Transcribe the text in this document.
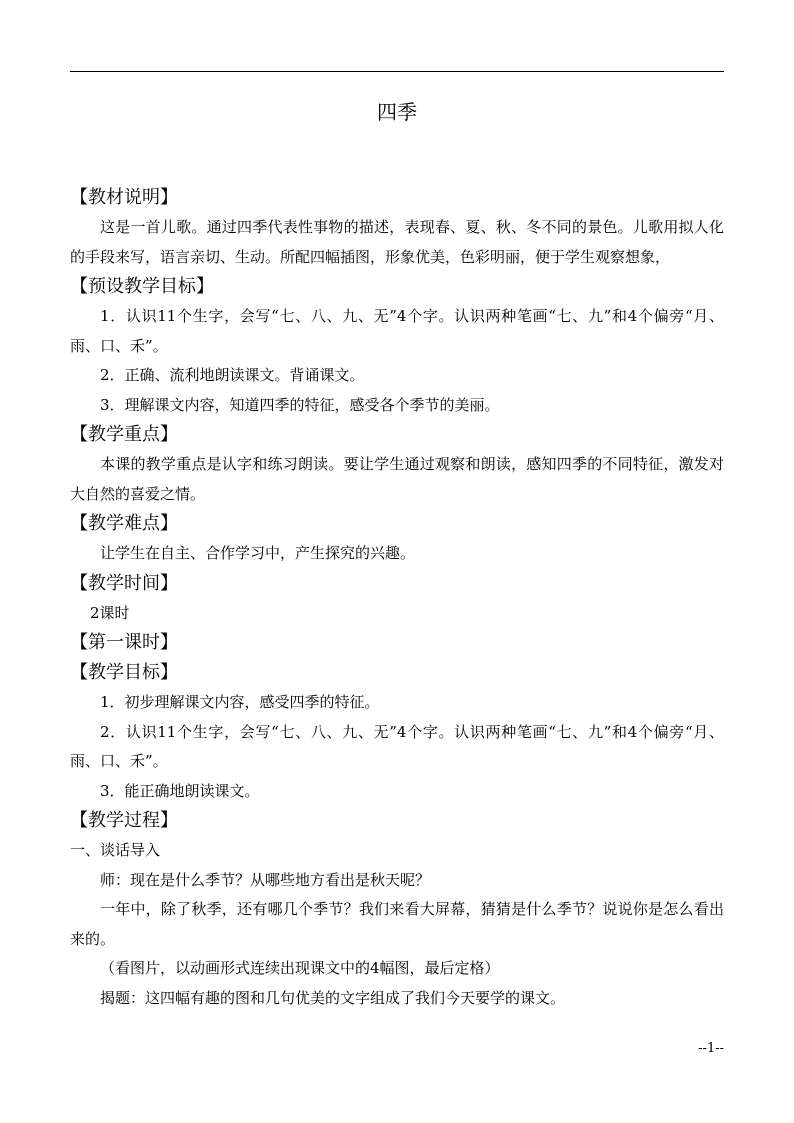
四季
【教材说明】
这是一首儿歌。通过四季代表性事物的描述，表现春、夏、秋、冬不同的景色。儿歌用拟人化的手段来写，语言亲切、生动。所配四幅插图，形象优美，色彩明丽，便于学生观察想象，
【预设教学目标】
1．认识11个生字，会写“七、八、九、无”4个字。认识两种笔画“七、九”和4个偏旁“月、雨、口、禾”。
2．正确、流利地朗读课文。背诵课文。
3．理解课文内容，知道四季的特征，感受各个季节的美丽。
【教学重点】
本课的教学重点是认字和练习朗读。要让学生通过观察和朗读，感知四季的不同特征，激发对大自然的喜爱之情。
【教学难点】
让学生在自主、合作学习中，产生探究的兴趣。
【教学时间】
2课时
【第一课时】
【教学目标】
1．初步理解课文内容，感受四季的特征。
2．认识11个生字，会写“七、八、九、无”4个字。认识两种笔画“七、九”和4个偏旁“月、雨、口、禾”。
3．能正确地朗读课文。
【教学过程】
一、谈话导入
师：现在是什么季节？从哪些地方看出是秋天呢？
一年中，除了秋季，还有哪几个季节？我们来看大屏幕，猜猜是什么季节？说说你是怎么看出来的。
（看图片，以动画形式连续出现课文中的4幅图，最后定格）
揭题：这四幅有趣的图和几句优美的文字组成了我们今天要学的课文。
--1--
